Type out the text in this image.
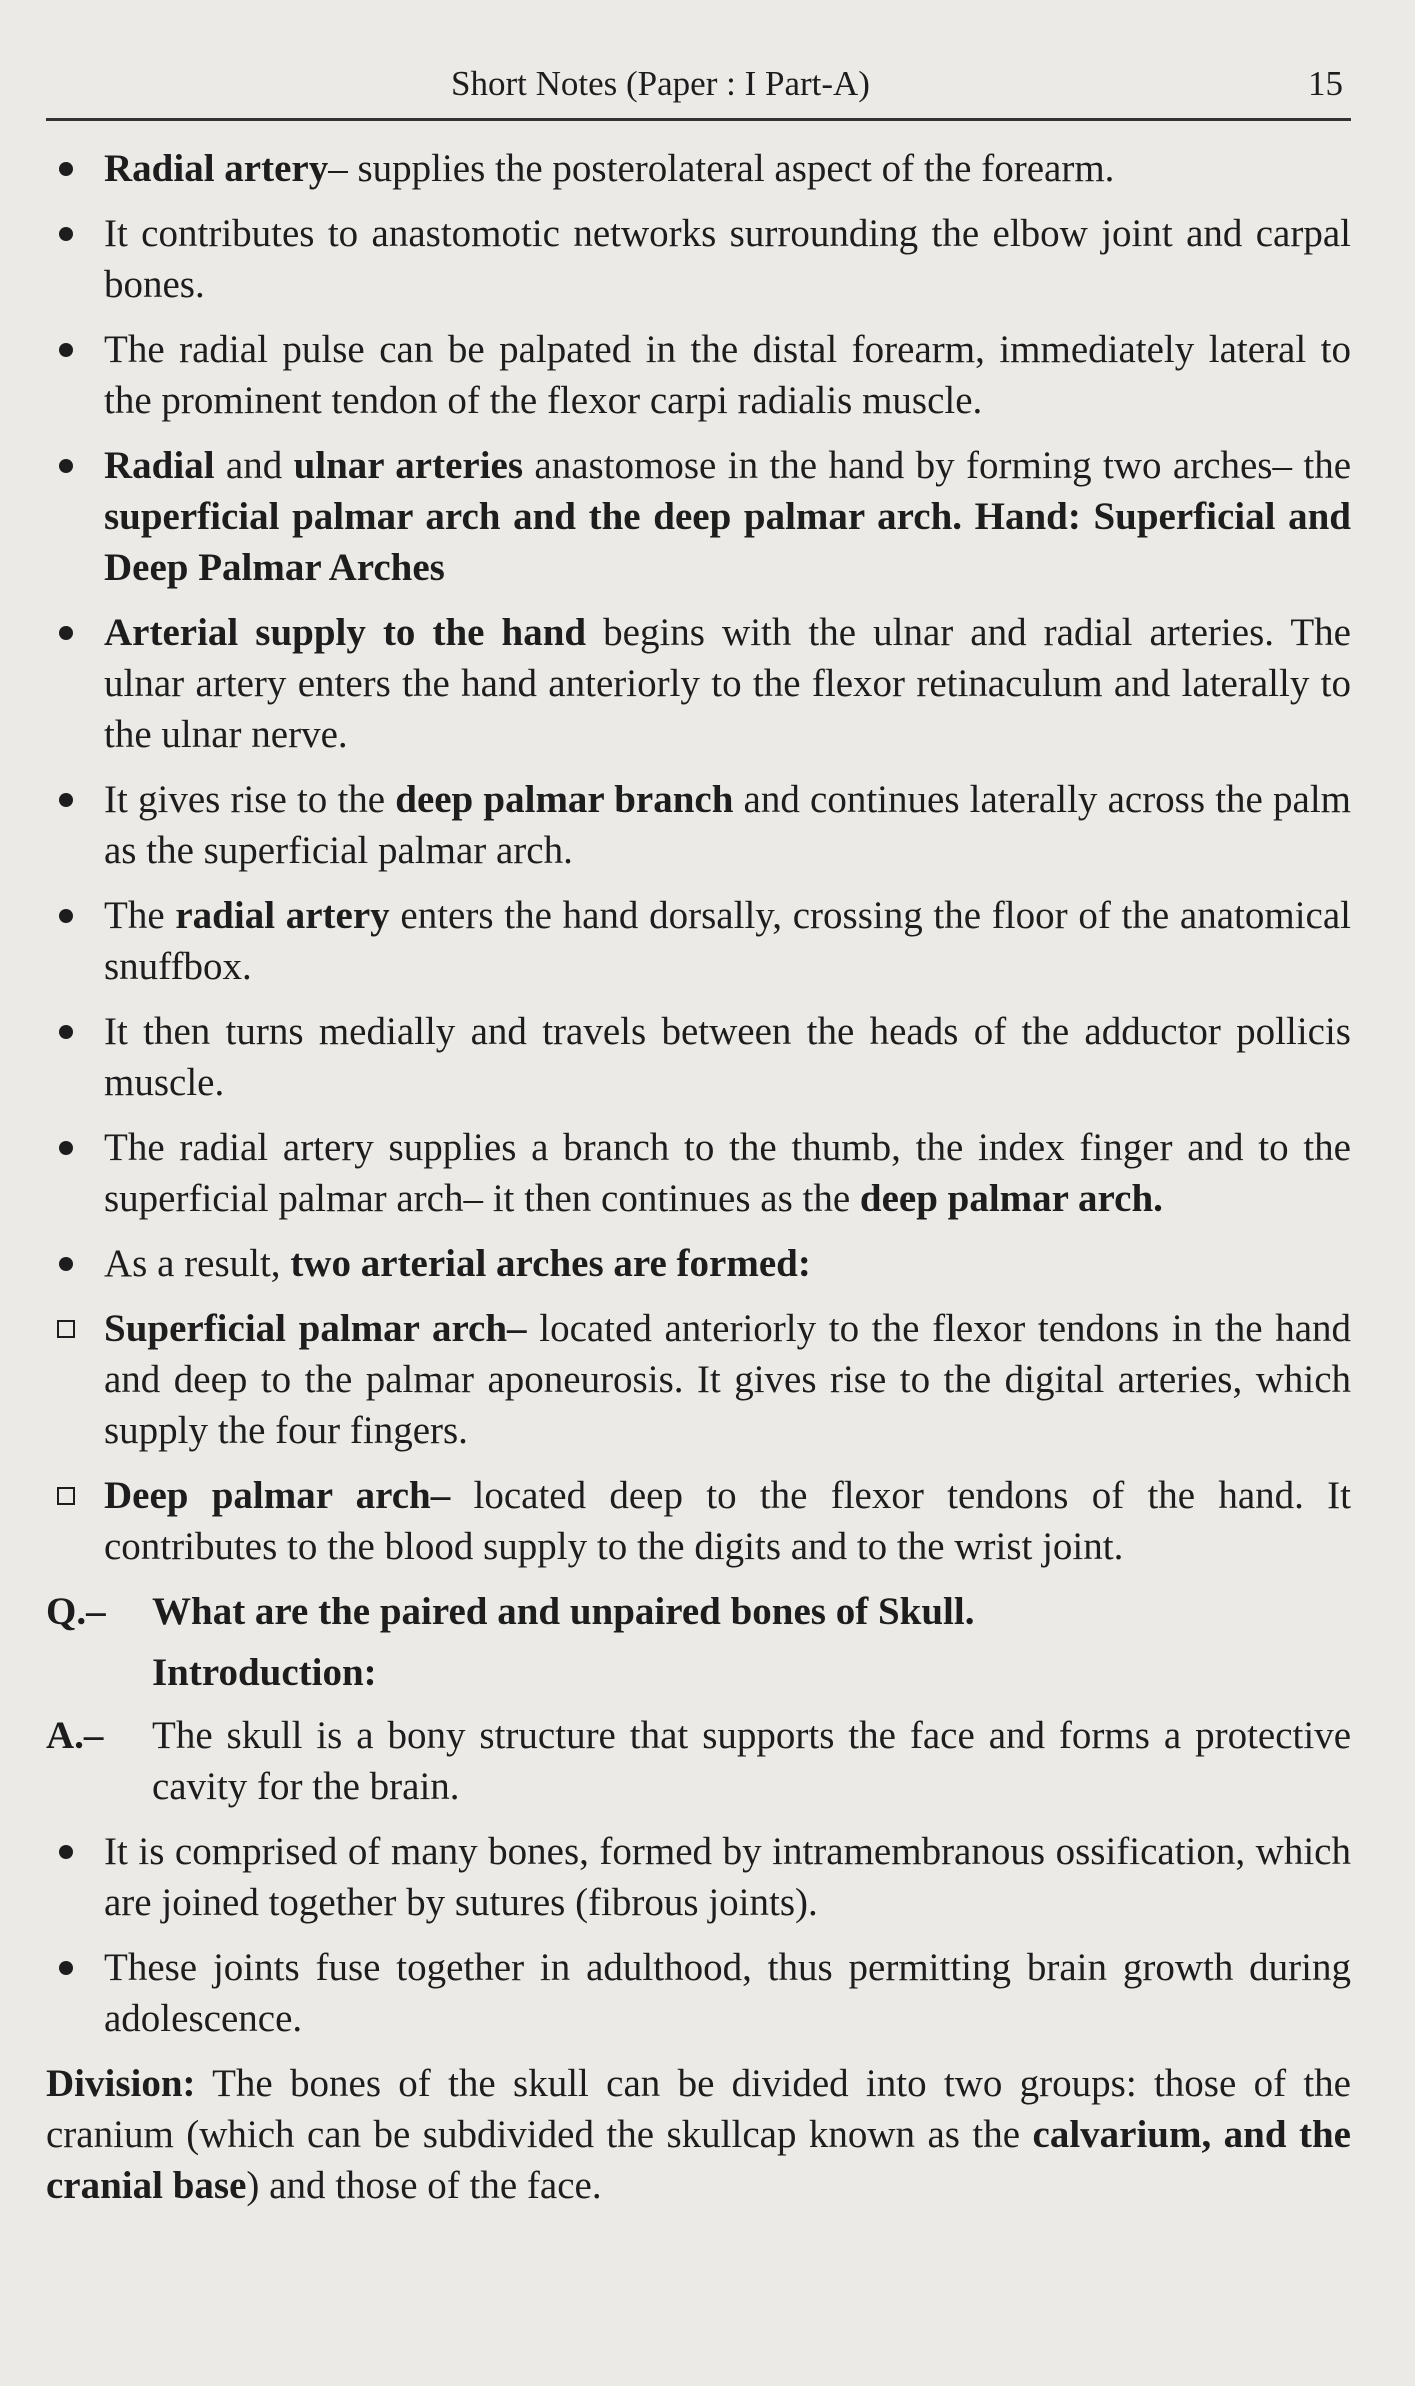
Short Notes (Paper : I Part-A)	15
Radial artery– supplies the posterolateral aspect of the forearm.
It contributes to anastomotic networks surrounding the elbow joint and carpal bones.
The radial pulse can be palpated in the distal forearm, immediately lateral to the prominent tendon of the flexor carpi radialis muscle.
Radial and ulnar arteries anastomose in the hand by forming two arches– the superficial palmar arch and the deep palmar arch. Hand: Superficial and Deep Palmar Arches
Arterial supply to the hand begins with the ulnar and radial arteries. The ulnar artery enters the hand anteriorly to the flexor retinaculum and laterally to the ulnar nerve.
It gives rise to the deep palmar branch and continues laterally across the palm as the superficial palmar arch.
The radial artery enters the hand dorsally, crossing the floor of the anatomical snuffbox.
It then turns medially and travels between the heads of the adductor pollicis muscle.
The radial artery supplies a branch to the thumb, the index finger and to the superficial palmar arch– it then continues as the deep palmar arch.
As a result, two arterial arches are formed:
Superficial palmar arch– located anteriorly to the flexor tendons in the hand and deep to the palmar aponeurosis. It gives rise to the digital arteries, which supply the four fingers.
Deep palmar arch– located deep to the flexor tendons of the hand. It contributes to the blood supply to the digits and to the wrist joint.
Q.– What are the paired and unpaired bones of Skull.
Introduction:
A.– The skull is a bony structure that supports the face and forms a protective cavity for the brain.
It is comprised of many bones, formed by intramembranous ossification, which are joined together by sutures (fibrous joints).
These joints fuse together in adulthood, thus permitting brain growth during adolescence.
Division: The bones of the skull can be divided into two groups: those of the cranium (which can be subdivided the skullcap known as the calvarium, and the cranial base) and those of the face.
